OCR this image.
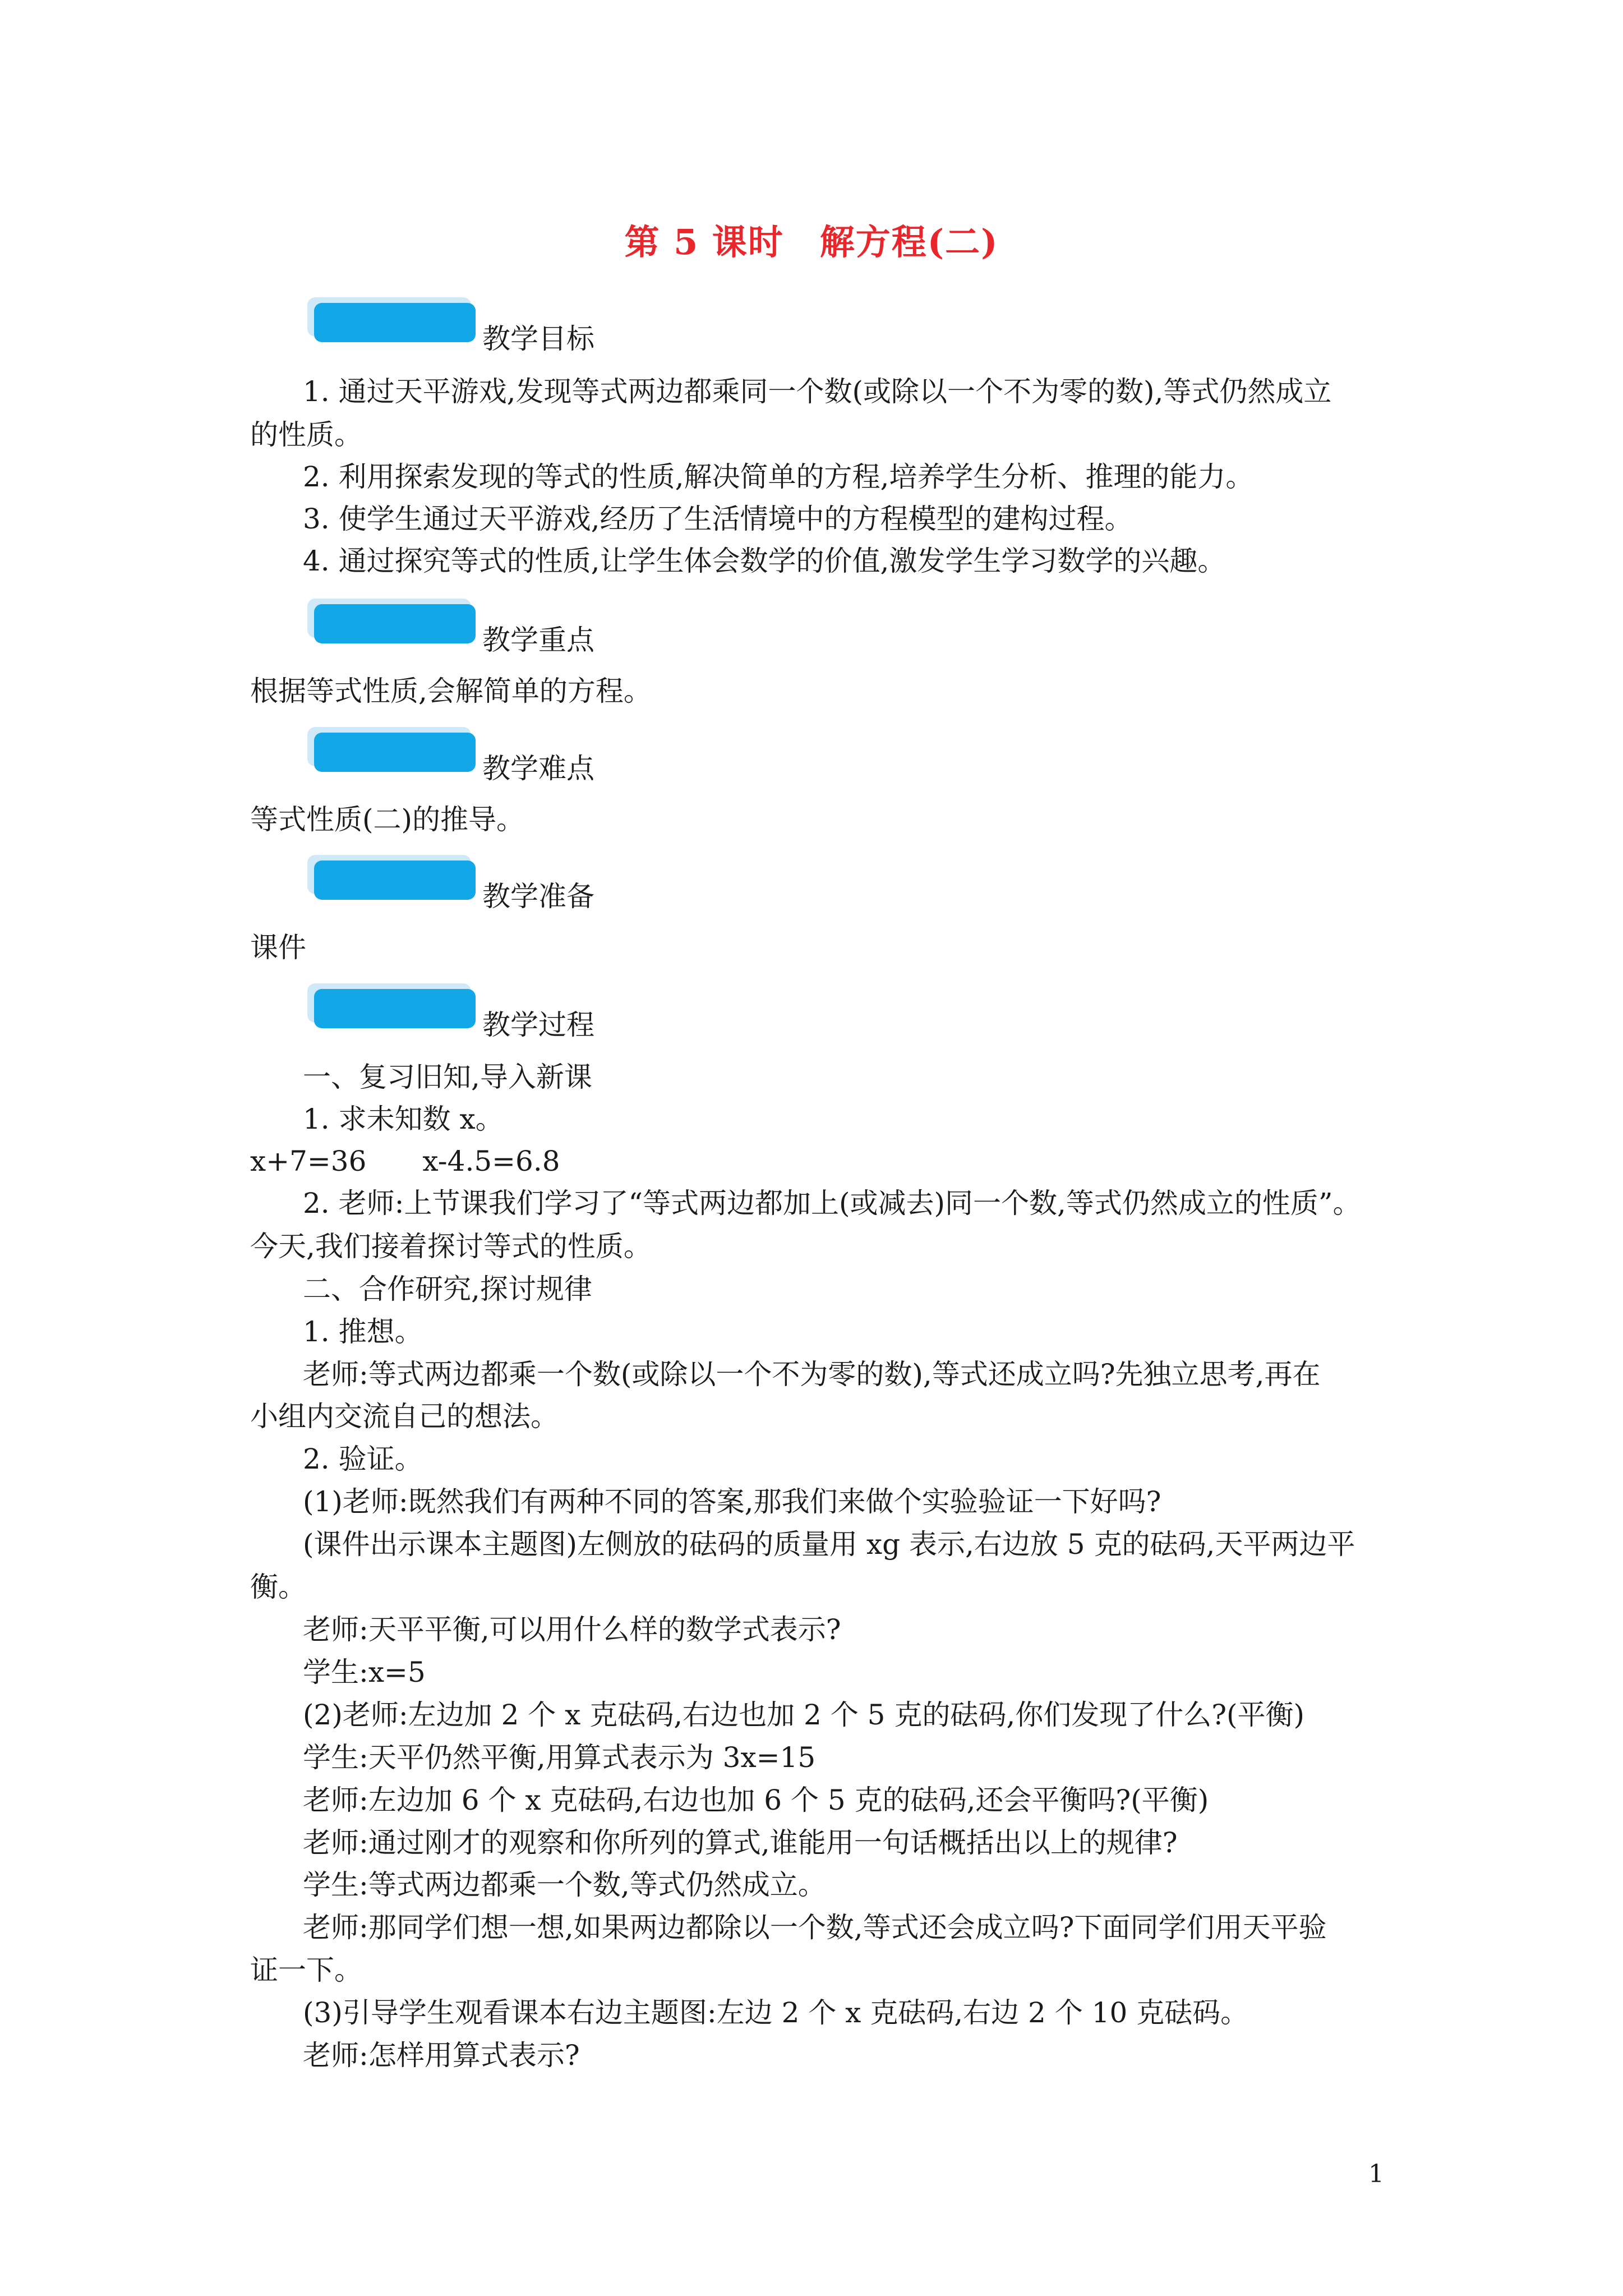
第 5 课时　解方程(二)
教学目标
1. 通过天平游戏,发现等式两边都乘同一个数(或除以一个不为零的数),等式仍然成立
的性质。
2. 利用探索发现的等式的性质,解决简单的方程,培养学生分析、推理的能力。
3. 使学生通过天平游戏,经历了生活情境中的方程模型的建构过程。
4. 通过探究等式的性质,让学生体会数学的价值,激发学生学习数学的兴趣。
教学重点
根据等式性质,会解简单的方程。
教学难点
等式性质(二)的推导。
教学准备
课件
教学过程
一、复习旧知,导入新课
1. 求未知数 x。
x+7=36　　x-4.5=6.8
2. 老师:上节课我们学习了“等式两边都加上(或减去)同一个数,等式仍然成立的性质”。
今天,我们接着探讨等式的性质。
二、合作研究,探讨规律
1. 推想。
老师:等式两边都乘一个数(或除以一个不为零的数),等式还成立吗?先独立思考,再在
小组内交流自己的想法。
2. 验证。
(1)老师:既然我们有两种不同的答案,那我们来做个实验验证一下好吗?
(课件出示课本主题图)左侧放的砝码的质量用 xg 表示,右边放 5 克的砝码,天平两边平
衡。
老师:天平平衡,可以用什么样的数学式表示?
学生:x=5
(2)老师:左边加 2 个 x 克砝码,右边也加 2 个 5 克的砝码,你们发现了什么?(平衡)
学生:天平仍然平衡,用算式表示为 3x=15
老师:左边加 6 个 x 克砝码,右边也加 6 个 5 克的砝码,还会平衡吗?(平衡)
老师:通过刚才的观察和你所列的算式,谁能用一句话概括出以上的规律?
学生:等式两边都乘一个数,等式仍然成立。
老师:那同学们想一想,如果两边都除以一个数,等式还会成立吗?下面同学们用天平验
证一下。
(3)引导学生观看课本右边主题图:左边 2 个 x 克砝码,右边 2 个 10 克砝码。
老师:怎样用算式表示?
1
